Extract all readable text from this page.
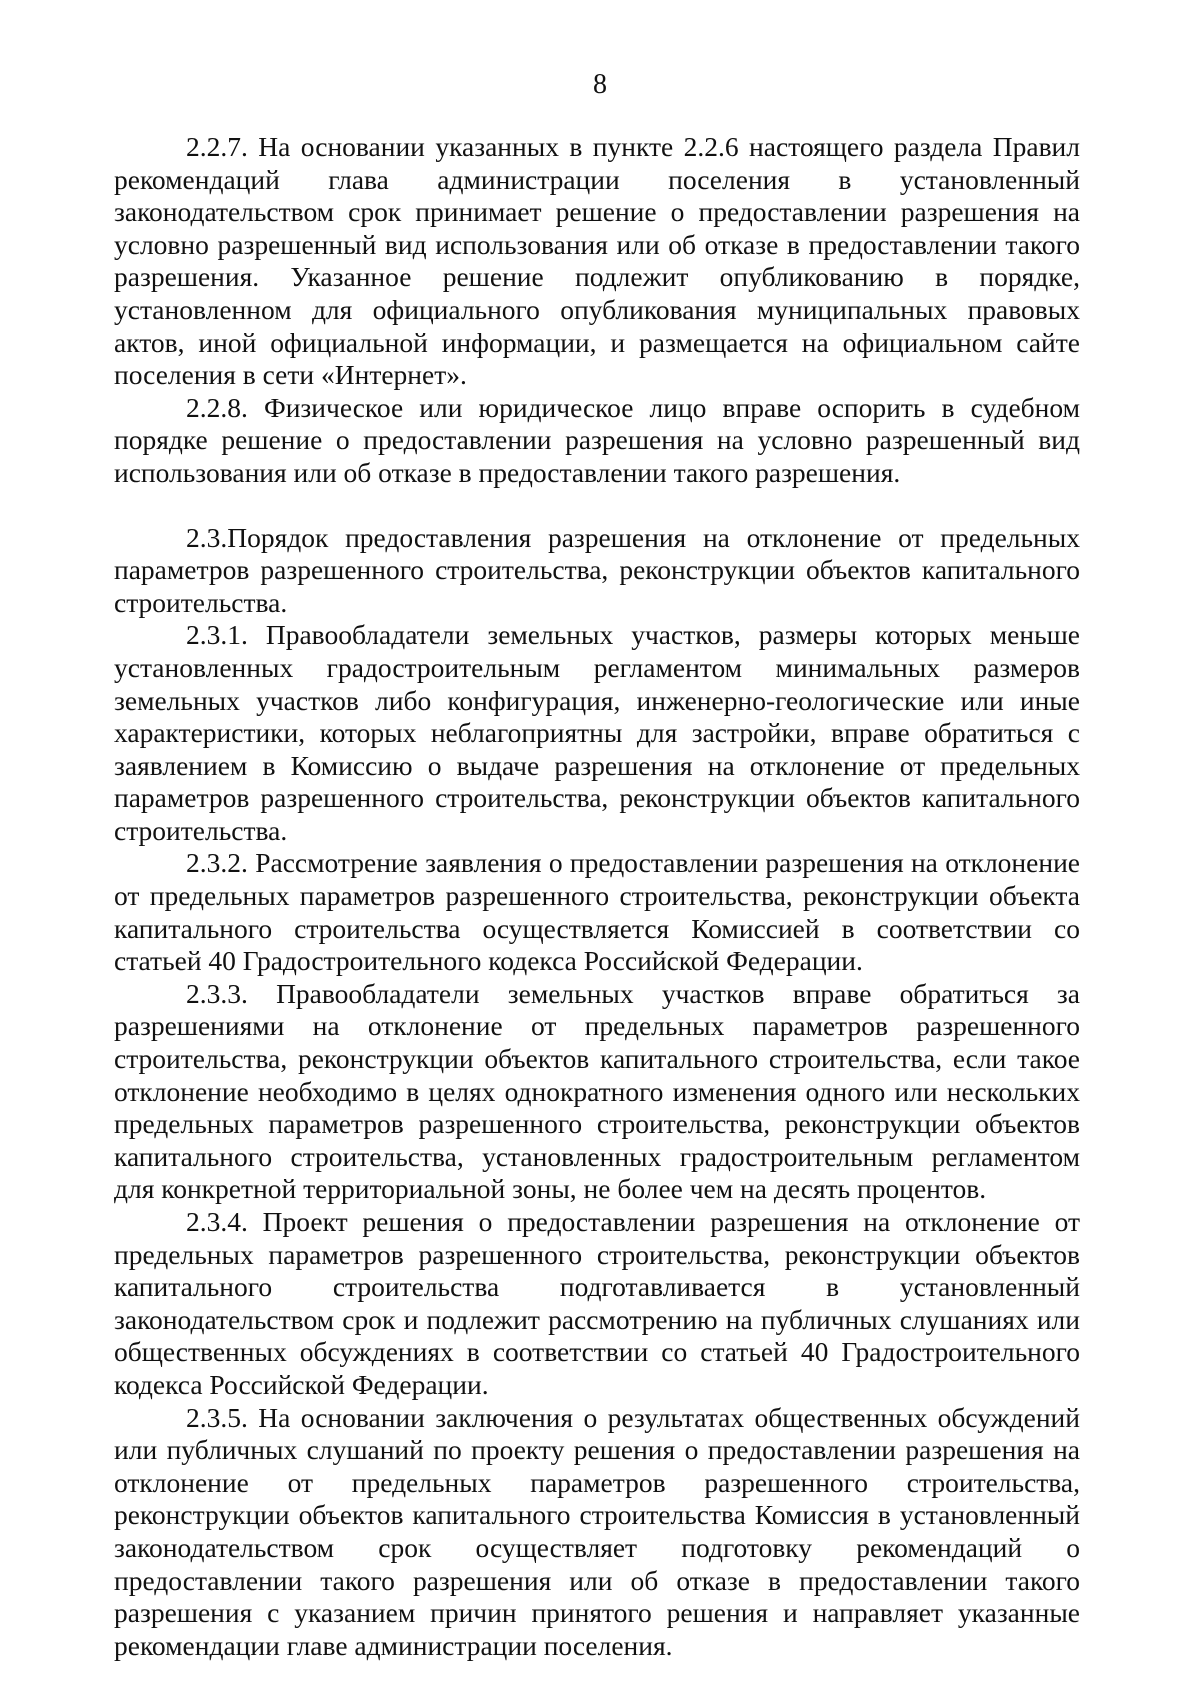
8

2.2.7. На основании указанных в пункте 2.2.6 настоящего раздела Правил рекомендаций глава администрации поселения в установленный законодательством срок принимает решение о предоставлении разрешения на условно разрешенный вид использования или об отказе в предоставлении такого разрешения. Указанное решение подлежит опубликованию в порядке, установленном для официального опубликования муниципальных правовых актов, иной официальной информации, и размещается на официальном сайте поселения в сети «Интернет».

2.2.8. Физическое или юридическое лицо вправе оспорить в судебном порядке решение о предоставлении разрешения на условно разрешенный вид использования или об отказе в предоставлении такого разрешения.

2.3.Порядок предоставления разрешения на отклонение от предельных параметров разрешенного строительства, реконструкции объектов капитального строительства.

2.3.1. Правообладатели земельных участков, размеры которых меньше установленных градостроительным регламентом минимальных размеров земельных участков либо конфигурация, инженерно-геологические или иные характеристики, которых неблагоприятны для застройки, вправе обратиться с заявлением в Комиссию о выдаче разрешения на отклонение от предельных параметров разрешенного строительства, реконструкции объектов капитального строительства.

2.3.2. Рассмотрение заявления о предоставлении разрешения на отклонение от предельных параметров разрешенного строительства, реконструкции объекта капитального строительства осуществляется Комиссией в соответствии со статьей 40 Градостроительного кодекса Российской Федерации.

2.3.3. Правообладатели земельных участков вправе обратиться за разрешениями на отклонение от предельных параметров разрешенного строительства, реконструкции объектов капитального строительства, если такое отклонение необходимо в целях однократного изменения одного или нескольких предельных параметров разрешенного строительства, реконструкции объектов капитального строительства, установленных градостроительным регламентом для конкретной территориальной зоны, не более чем на десять процентов.

2.3.4. Проект решения о предоставлении разрешения на отклонение от предельных параметров разрешенного строительства, реконструкции объектов капитального строительства подготавливается в установленный законодательством срок и подлежит рассмотрению на публичных слушаниях или общественных обсуждениях в соответствии со статьей 40 Градостроительного кодекса Российской Федерации.

2.3.5. На основании заключения о результатах общественных обсуждений или публичных слушаний по проекту решения о предоставлении разрешения на отклонение от предельных параметров разрешенного строительства, реконструкции объектов капитального строительства Комиссия в установленный законодательством срок осуществляет подготовку рекомендаций о предоставлении такого разрешения или об отказе в предоставлении такого разрешения с указанием причин принятого решения и направляет указанные рекомендации главе администрации поселения.
